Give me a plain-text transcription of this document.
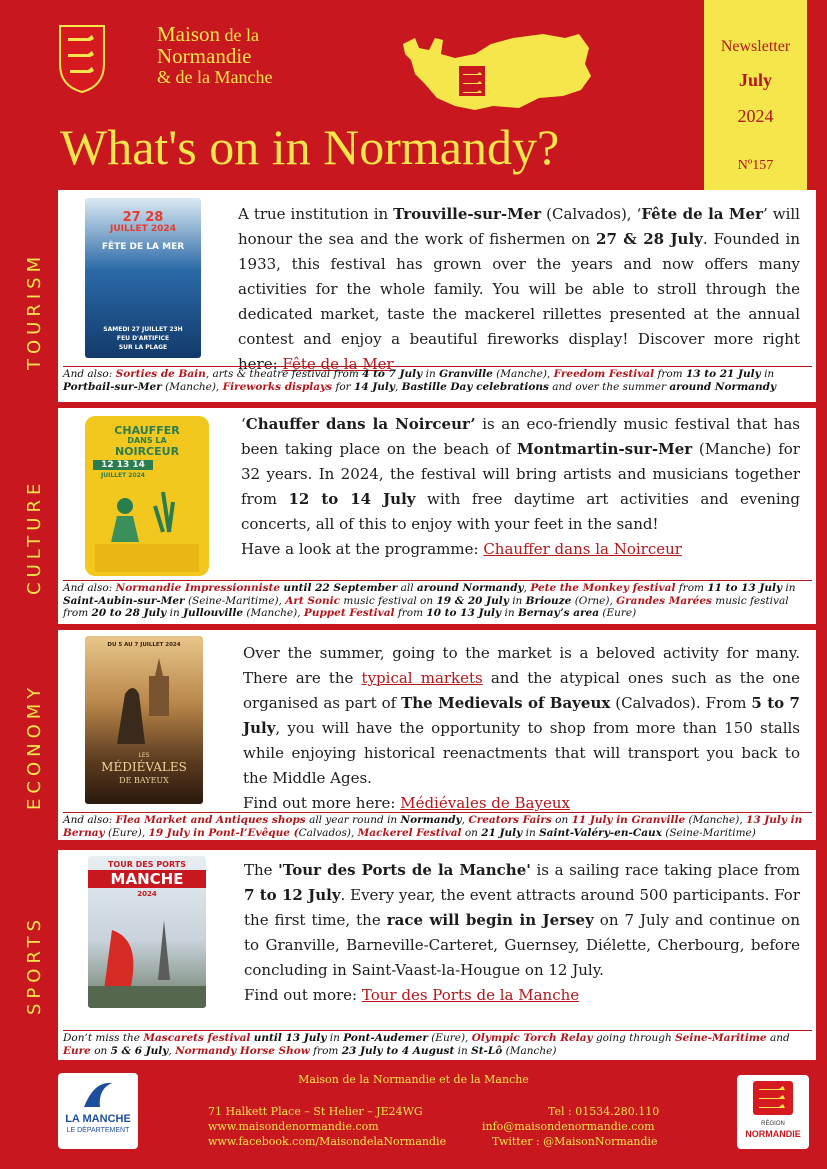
Maison de la
Normandie
& de la Manche
What's on in Normandy?
Newsletter
July
2024
Nº157
TOURISM
CULTURE
ECONOMY
SPORTS
27 28
JUILLET 2024
FÊTE DE LA MER
SAMEDI 27 JUILLET 23H
FEU D'ARTIFICE
SUR LA PLAGE
A true institution in Trouville-sur-Mer (Calvados), ‘Fête de la Mer’ will honour the sea and the work of fishermen on 27 & 28 July. Founded in 1933, this festival has grown over the years and now offers many activities for the whole family. You will be able to stroll through the dedicated market, taste the mackerel rillettes presented at the annual contest and enjoy a beautiful fireworks display! Discover more right here: Fête de la Mer
And also: Sorties de Bain, arts & theatre festival from 4 to 7 July in Granville (Manche), Freedom Festival from 13 to 21 July in Portbail-sur-Mer (Manche), Fireworks displays for 14 July, Bastille Day celebrations and over the summer around Normandy
CHAUFFER
DANS LA
NOIRCEUR
12 13 14
JUILLET 2024
‘Chauffer dans la Noirceur’ is an eco-friendly music festival that has been taking place on the beach of Montmartin-sur-Mer (Manche) for 32 years. In 2024, the festival will bring artists and musicians together from 12 to 14 July with free daytime art activities and evening concerts, all of this to enjoy with your feet in the sand!
Have a look at the programme: Chauffer dans la Noirceur
And also: Normandie Impressionniste until 22 September all around Normandy, Pete the Monkey festival from 11 to 13 July in Saint-Aubin-sur-Mer (Seine-Maritime), Art Sonic music festival on 19 & 20 July in Briouze (Orne), Grandes Marées music festival from 20 to 28 July in Jullouville (Manche), Puppet Festival from 10 to 13 July in Bernay’s area (Eure)
DU 5 AU 7 JUILLET 2024
LES
MÉDIÉVALES
DE BAYEUX
Over the summer, going to the market is a beloved activity for many. There are the typical markets and the atypical ones such as the one organised as part of The Medievals of Bayeux (Calvados). From 5 to 7 July, you will have the opportunity to shop from more than 150 stalls while enjoying historical reenactments that will transport you back to the Middle Ages.
Find out more here: Médiévales de Bayeux
And also: Flea Market and Antiques shops all year round in Normandy, Creators Fairs on 11 July in Granville (Manche), 13 July in Bernay (Eure), 19 July in Pont-l’Evêque (Calvados), Mackerel Festival on 21 July in Saint-Valéry-en-Caux (Seine-Maritime)
TOUR DES PORTS
MANCHE
2024
The 'Tour des Ports de la Manche' is a sailing race taking place from 7 to 12 July. Every year, the event attracts around 500 participants. For the first time, the race will begin in Jersey on 7 July and continue on to Granville, Barneville-Carteret, Guernsey, Diélette, Cherbourg, before concluding in Saint-Vaast-la-Hougue on 12 July.
Find out more: Tour des Ports de la Manche
Don’t miss the Mascarets festival until 13 July in Pont-Audemer (Eure), Olympic Torch Relay going through Seine-Maritime and Eure on 5 & 6 July, Normandy Horse Show from 23 July to 4 August in St-Lô (Manche)
Maison de la Normandie et de la Manche
LA MANCHE
LE DÉPARTEMENT
71 Halkett Place – St Helier – JE24WG
www.maisondenormandie.com
www.facebook.com/MaisondelaNormandie
Tel : 01534.280.110
info@maisondenormandie.com
Twitter : @MaisonNormandie
RÉGION
NORMANDIE
